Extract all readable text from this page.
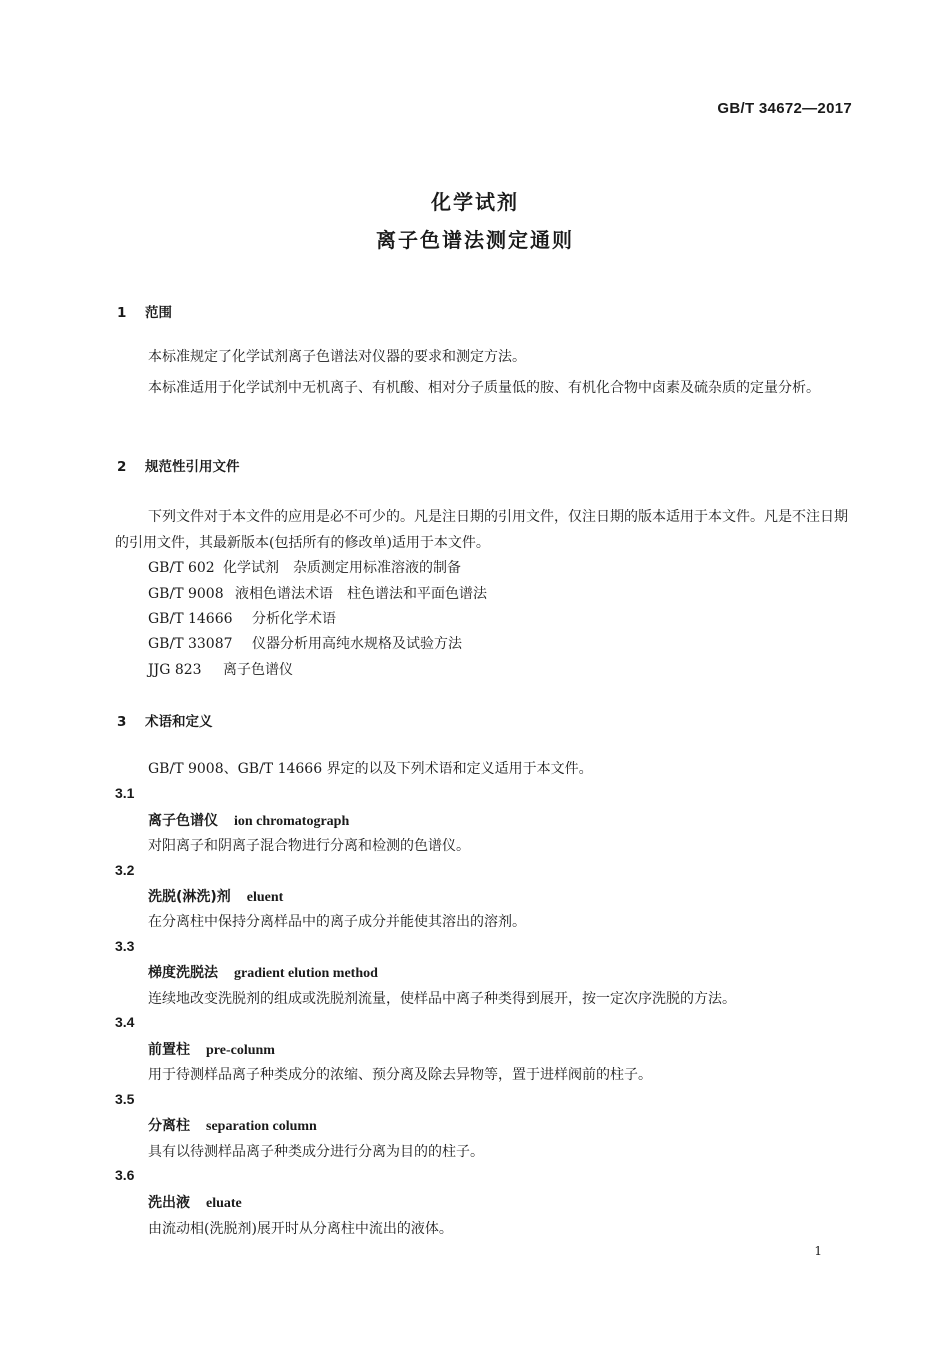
GB/T 34672—2017
化学试剂
离子色谱法测定通则
1 范围
本标准规定了化学试剂离子色谱法对仪器的要求和测定方法。
本标准适用于化学试剂中无机离子、有机酸、相对分子质量低的胺、有机化合物中卤素及硫杂质的定量分析。
2 规范性引用文件
下列文件对于本文件的应用是必不可少的。凡是注日期的引用文件，仅注日期的版本适用于本文件。凡是不注日期的引用文件，其最新版本(包括所有的修改单)适用于本文件。
GB/T 602 化学试剂　杂质测定用标准溶液的制备
GB/T 9008 液相色谱法术语　柱色谱法和平面色谱法
GB/T 14666 分析化学术语
GB/T 33087 仪器分析用高纯水规格及试验方法
JJG 823 离子色谱仪
3 术语和定义
GB/T 9008、GB/T 14666 界定的以及下列术语和定义适用于本文件。
3.1
离子色谱仪 ion chromatograph
对阳离子和阴离子混合物进行分离和检测的色谱仪。
3.2
洗脱(淋洗)剂 eluent
在分离柱中保持分离样品中的离子成分并能使其溶出的溶剂。
3.3
梯度洗脱法 gradient elution method
连续地改变洗脱剂的组成或洗脱剂流量，使样品中离子种类得到展开，按一定次序洗脱的方法。
3.4
前置柱 pre-colunm
用于待测样品离子种类成分的浓缩、预分离及除去异物等，置于进样阀前的柱子。
3.5
分离柱 separation column
具有以待测样品离子种类成分进行分离为目的的柱子。
3.6
洗出液 eluate
由流动相(洗脱剂)展开时从分离柱中流出的液体。
1
